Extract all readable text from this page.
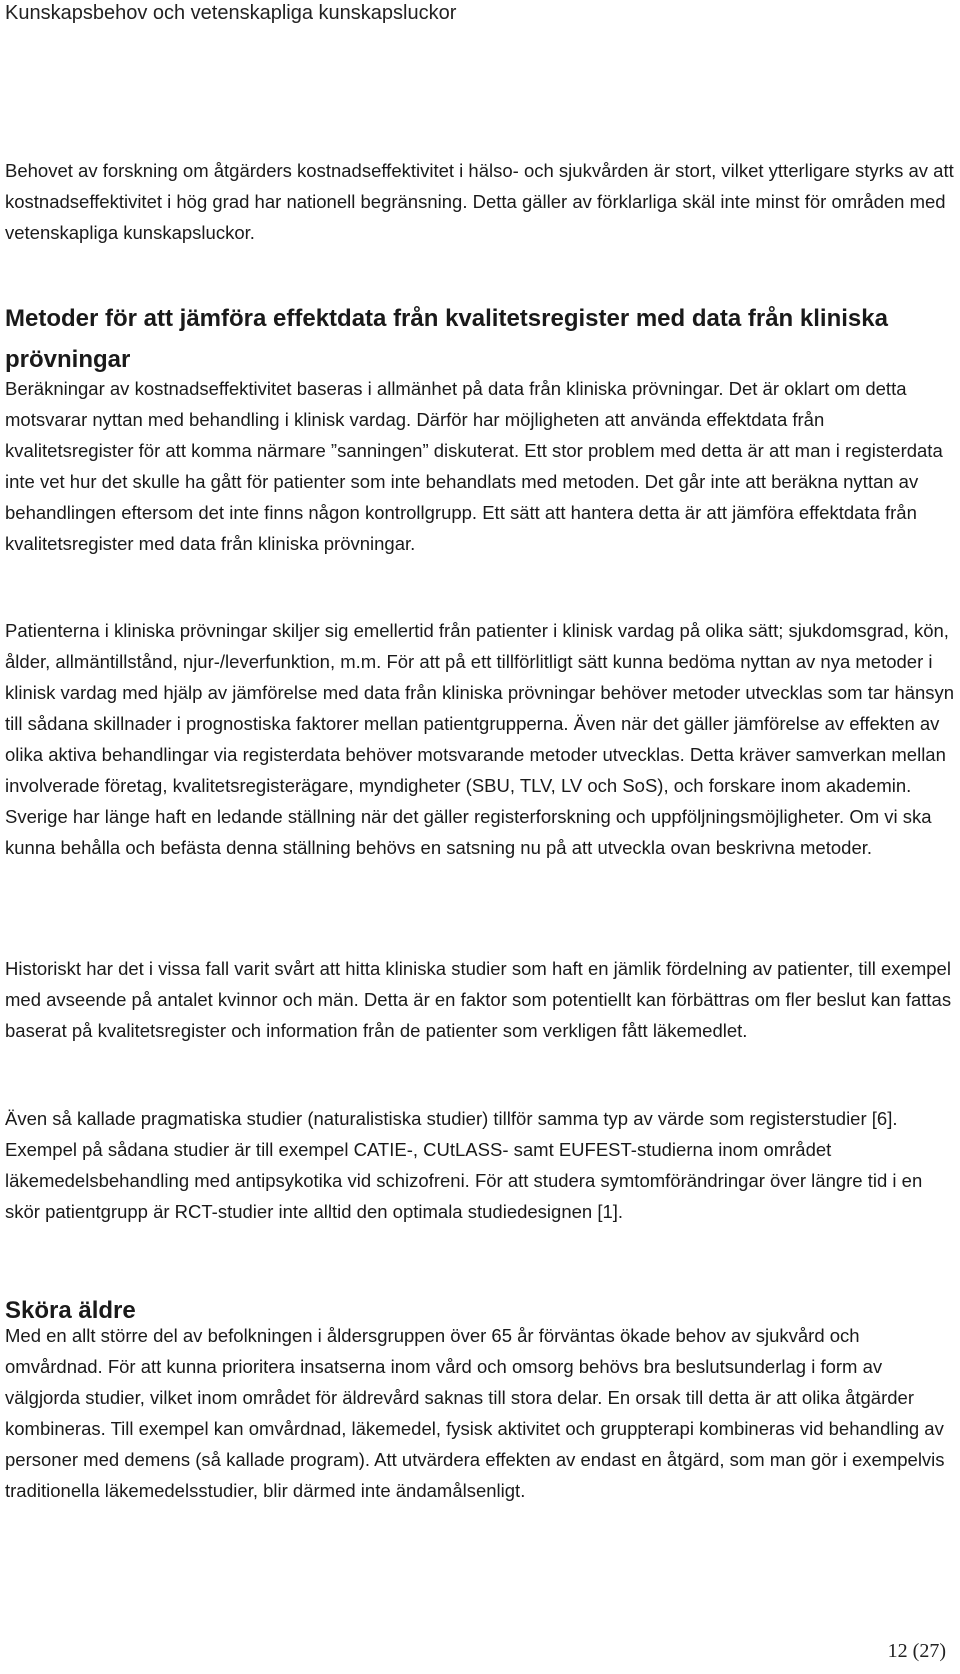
Kunskapsbehov och vetenskapliga kunskapsluckor

Behovet av forskning om åtgärders kostnadseffektivitet i hälso- och sjukvården är stort, vilket ytterligare styrks av att kostnadseffektivitet i hög grad har nationell begränsning. Detta gäller av förklarliga skäl inte minst för områden med vetenskapliga kunskapsluckor.

Metoder för att jämföra effektdata från kvalitetsregister med data från kliniska prövningar

Beräkningar av kostnadseffektivitet baseras i allmänhet på data från kliniska prövningar. Det är oklart om detta motsvarar nyttan med behandling i klinisk vardag. Därför har möjligheten att använda effektdata från kvalitetsregister för att komma närmare ”sanningen” diskuterat. Ett stor problem med detta är att man i registerdata inte vet hur det skulle ha gått för patienter som inte behandlats med metoden. Det går inte att beräkna nyttan av behandlingen eftersom det inte finns någon kontrollgrupp. Ett sätt att hantera detta är att jämföra effektdata från kvalitetsregister med data från kliniska prövningar.

Patienterna i kliniska prövningar skiljer sig emellertid från patienter i klinisk vardag på olika sätt; sjukdomsgrad, kön, ålder, allmäntillstånd, njur-/leverfunktion, m.m. För att på ett tillförlitligt sätt kunna bedöma nyttan av nya metoder i klinisk vardag med hjälp av jämförelse med data från kliniska prövningar behöver metoder utvecklas som tar hänsyn till sådana skillnader i prognostiska faktorer mellan patientgrupperna. Även när det gäller jämförelse av effekten av olika aktiva behandlingar via registerdata behöver motsvarande metoder utvecklas. Detta kräver samverkan mellan involverade företag, kvalitetsregisterägare, myndigheter (SBU, TLV, LV och SoS), och forskare inom akademin. Sverige har länge haft en ledande ställning när det gäller registerforskning och uppföljningsmöjligheter. Om vi ska kunna behålla och befästa denna ställning behövs en satsning nu på att utveckla ovan beskrivna metoder.

Historiskt har det i vissa fall varit svårt att hitta kliniska studier som haft en jämlik fördelning av patienter, till exempel med avseende på antalet kvinnor och män. Detta är en faktor som potentiellt kan förbättras om fler beslut kan fattas baserat på kvalitetsregister och information från de patienter som verkligen fått läkemedlet.

Även så kallade pragmatiska studier (naturalistiska studier) tillför samma typ av värde som registerstudier [6]. Exempel på sådana studier är till exempel CATIE-, CUtLASS- samt EUFEST-studierna inom området läkemedelsbehandling med antipsykotika vid schizofreni. För att studera symtomförändringar över längre tid i en skör patientgrupp är RCT-studier inte alltid den optimala studiedesignen [1].

Sköra äldre

Med en allt större del av befolkningen i åldersgruppen över 65 år förväntas ökade behov av sjukvård och omvårdnad. För att kunna prioritera insatserna inom vård och omsorg behövs bra beslutsunderlag i form av välgjorda studier, vilket inom området för äldrevård saknas till stora delar. En orsak till detta är att olika åtgärder kombineras. Till exempel kan omvårdnad, läkemedel, fysisk aktivitet och gruppterapi kombineras vid behandling av personer med demens (så kallade program). Att utvärdera effekten av endast en åtgärd, som man gör i exempelvis traditionella läkemedelsstudier, blir därmed inte ändamålsenligt.

12 (27)
